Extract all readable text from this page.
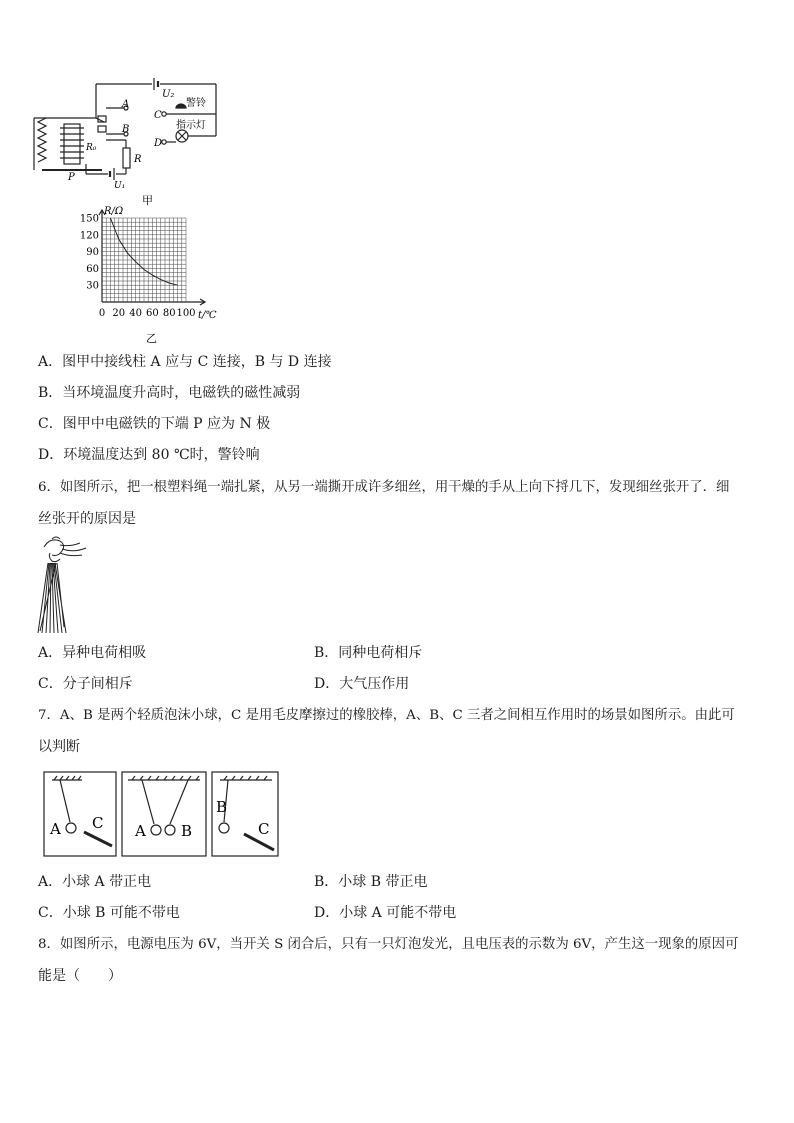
U₂
A
B
C
D
警铃
指示灯
R
R₀
P
U₁
甲
R/Ω
t/℃
150
120
90
60
30
0 20 40 60 80 100
乙
A．图甲中接线柱 A 应与 C 连接，B 与 D 连接
B．当环境温度升高时，电磁铁的磁性减弱
C．图甲中电磁铁的下端 P 应为 N 极
D．环境温度达到 80 ℃时，警铃响
6．如图所示，把一根塑料绳一端扎紧，从另一端撕开成许多细丝，用干燥的手从上向下捋几下，发现细丝张开了．细
丝张开的原因是
A．异种电荷相吸	B．同种电荷相斥
C．分子间相斥	D．大气压作用
7．A、B 是两个轻质泡沫小球，C 是用毛皮摩擦过的橡胶棒，A、B、C 三者之间相互作用时的场景如图所示。由此可
以判断
A C A B
B
C
A．小球 A 带正电	B．小球 B 带正电
C．小球 B 可能不带电	D．小球 A 可能不带电
8．如图所示，电源电压为 6V，当开关 S 闭合后，只有一只灯泡发光，且电压表的示数为 6V，产生这一现象的原因可
能是（　　）
